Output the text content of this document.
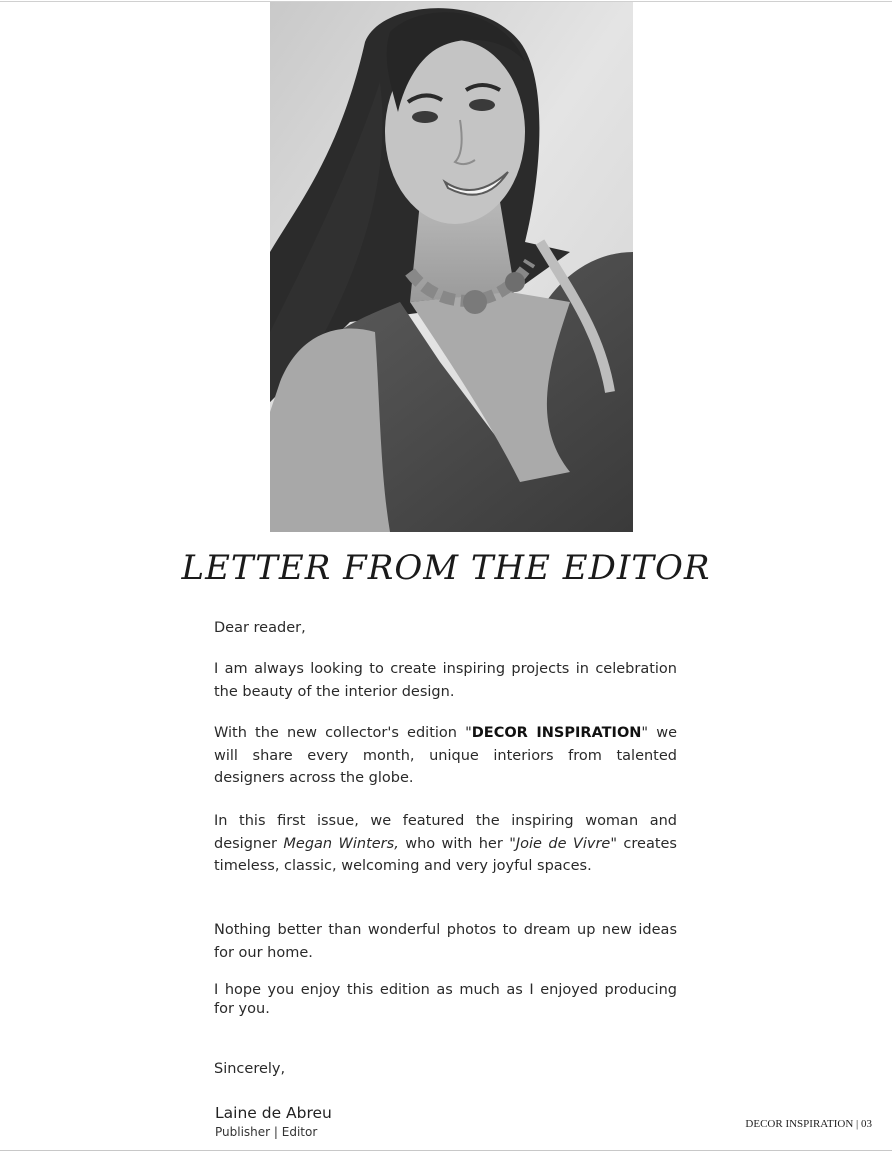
LETTER FROM THE EDITOR

Dear reader,

I am always looking to create inspiring projects in celebration the beauty of the interior design.

With the new collector's edition "DECOR INSPIRATION" we will share every month, unique interiors from talented designers across the globe.

In this first issue, we featured the inspiring woman and designer Megan Winters, who with her "Joie de Vivre" creates timeless, classic, welcoming and very joyful spaces.

Nothing better than wonderful photos to dream up new ideas for our home.

I hope you enjoy this edition as much as I enjoyed producing for you.

Sincerely,

Laine de Abreu

Publisher | Editor

DECOR INSPIRATION | 03
